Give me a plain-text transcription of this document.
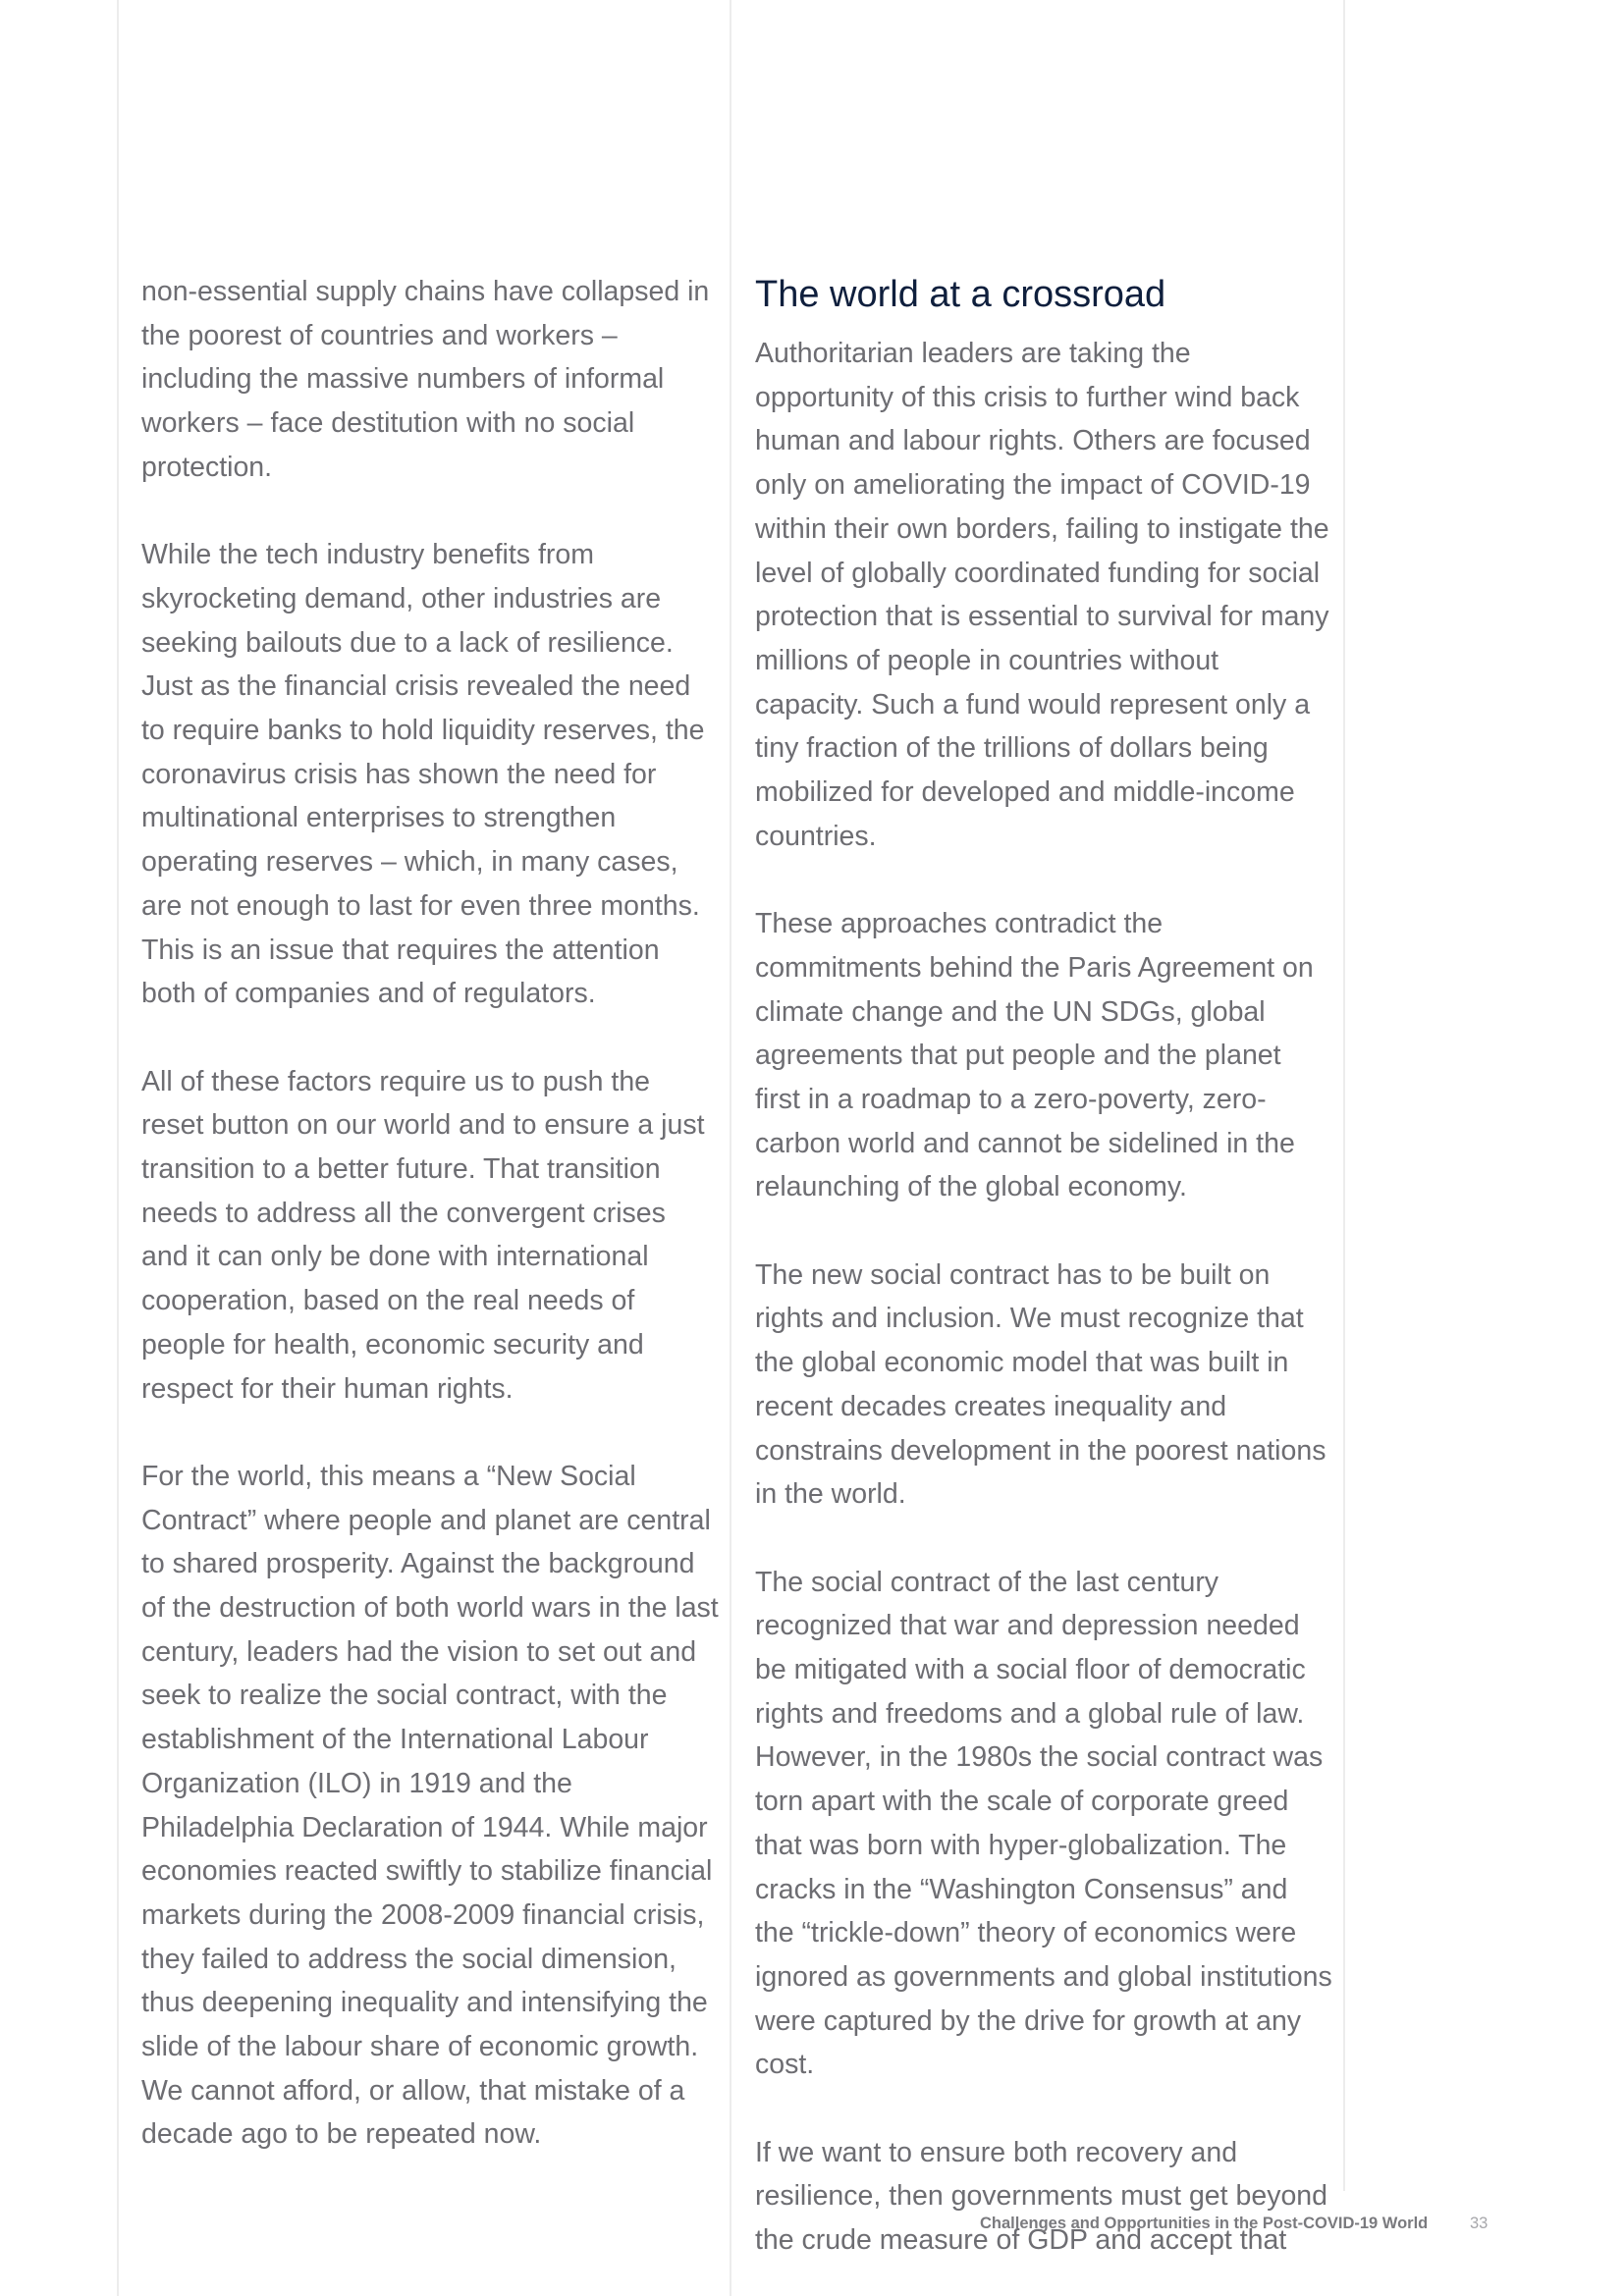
non-essential supply chains have collapsed in the poorest of countries and workers – including the massive numbers of informal workers – face destitution with no social protection.

While the tech industry benefits from skyrocketing demand, other industries are seeking bailouts due to a lack of resilience. Just as the financial crisis revealed the need to require banks to hold liquidity reserves, the coronavirus crisis has shown the need for multinational enterprises to strengthen operating reserves – which, in many cases, are not enough to last for even three months. This is an issue that requires the attention both of companies and of regulators.

All of these factors require us to push the reset button on our world and to ensure a just transition to a better future. That transition needs to address all the convergent crises and it can only be done with international cooperation, based on the real needs of people for health, economic security and respect for their human rights.

For the world, this means a “New Social Contract” where people and planet are central to shared prosperity. Against the background of the destruction of both world wars in the last century, leaders had the vision to set out and seek to realize the social contract, with the establishment of the International Labour Organization (ILO) in 1919 and the Philadelphia Declaration of 1944. While major economies reacted swiftly to stabilize financial markets during the 2008-2009 financial crisis, they failed to address the social dimension, thus deepening inequality and intensifying the slide of the labour share of economic growth. We cannot afford, or allow, that mistake of a decade ago to be repeated now.

The world at a crossroad

Authoritarian leaders are taking the opportunity of this crisis to further wind back human and labour rights. Others are focused only on ameliorating the impact of COVID-19 within their own borders, failing to instigate the level of globally coordinated funding for social protection that is essential to survival for many millions of people in countries without capacity. Such a fund would represent only a tiny fraction of the trillions of dollars being mobilized for developed and middle-income countries.

These approaches contradict the commitments behind the Paris Agreement on climate change and the UN SDGs, global agreements that put people and the planet first in a roadmap to a zero-poverty, zero-carbon world and cannot be sidelined in the relaunching of the global economy.

The new social contract has to be built on rights and inclusion. We must recognize that the global economic model that was built in recent decades creates inequality and constrains development in the poorest nations in the world.

The social contract of the last century recognized that war and depression needed be mitigated with a social floor of democratic rights and freedoms and a global rule of law. However, in the 1980s the social contract was torn apart with the scale of corporate greed that was born with hyper-globalization. The cracks in the “Washington Consensus” and the “trickle-down” theory of economics were ignored as governments and global institutions were captured by the drive for growth at any cost.

If we want to ensure both recovery and resilience, then governments must get beyond the crude measure of GDP and accept that

Challenges and Opportunities in the Post-COVID-19 World	33
